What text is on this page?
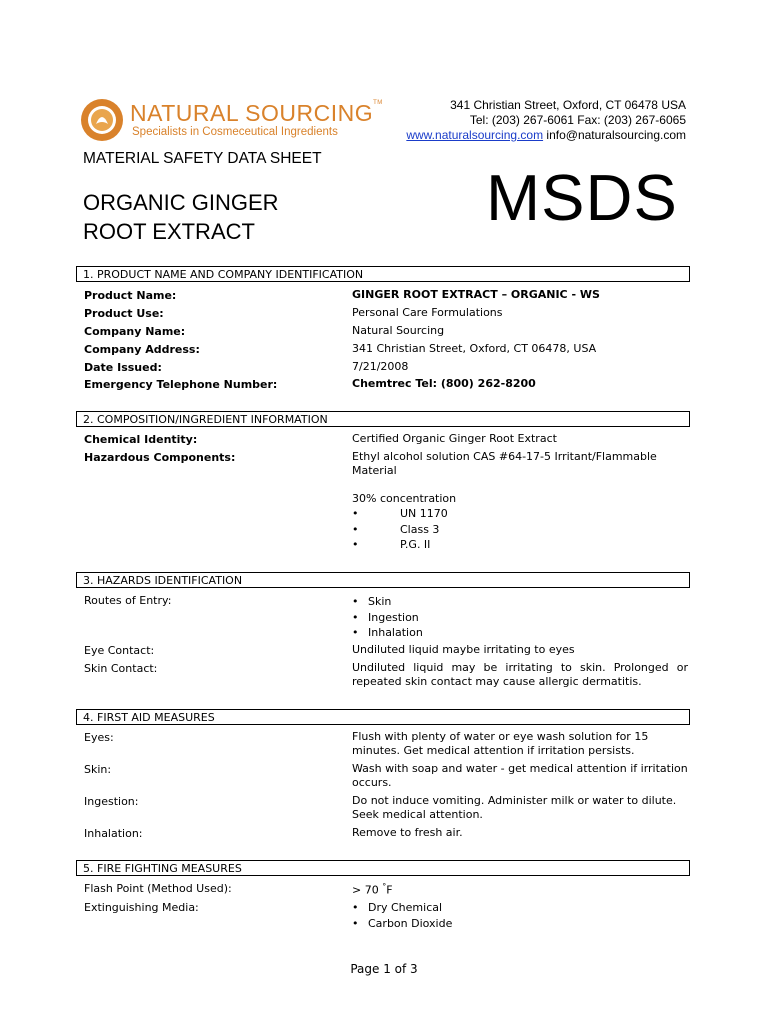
NATURAL SOURCING™
Specialists in Cosmeceutical Ingredients
341 Christian Street, Oxford, CT 06478 USA
Tel: (203) 267-6061 Fax: (203) 267-6065
www.naturalsourcing.com info@naturalsourcing.com
MATERIAL SAFETY DATA SHEET
ORGANIC GINGER
ROOT EXTRACT	MSDS
1. PRODUCT NAME AND COMPANY IDENTIFICATION
Product Name:	GINGER ROOT EXTRACT – ORGANIC - WS
Product Use:	Personal Care Formulations
Company Name:	Natural Sourcing
Company Address:	341 Christian Street, Oxford, CT 06478, USA
Date Issued:	7/21/2008
Emergency Telephone Number:	Chemtrec Tel: (800) 262-8200
2. COMPOSITION/INGREDIENT INFORMATION
Chemical Identity:	Certified Organic Ginger Root Extract
Hazardous Components:	Ethyl alcohol solution CAS #64-17-5 Irritant/Flammable Material
30% concentration
•	UN 1170
•	Class 3
•	P.G. II
3. HAZARDS IDENTIFICATION
Routes of Entry:	• Skin
• Ingestion
• Inhalation
Eye Contact:	Undiluted liquid maybe irritating to eyes
Skin Contact:	Undiluted liquid may be irritating to skin. Prolonged or repeated skin contact may cause allergic dermatitis.
4. FIRST AID MEASURES
Eyes:	Flush with plenty of water or eye wash solution for 15 minutes. Get medical attention if irritation persists.
Skin:	Wash with soap and water - get medical attention if irritation occurs.
Ingestion:	Do not induce vomiting. Administer milk or water to dilute. Seek medical attention.
Inhalation:	Remove to fresh air.
5. FIRE FIGHTING MEASURES
Flash Point (Method Used):	> 70 °F
Extinguishing Media:	• Dry Chemical
• Carbon Dioxide
Page 1 of 3
